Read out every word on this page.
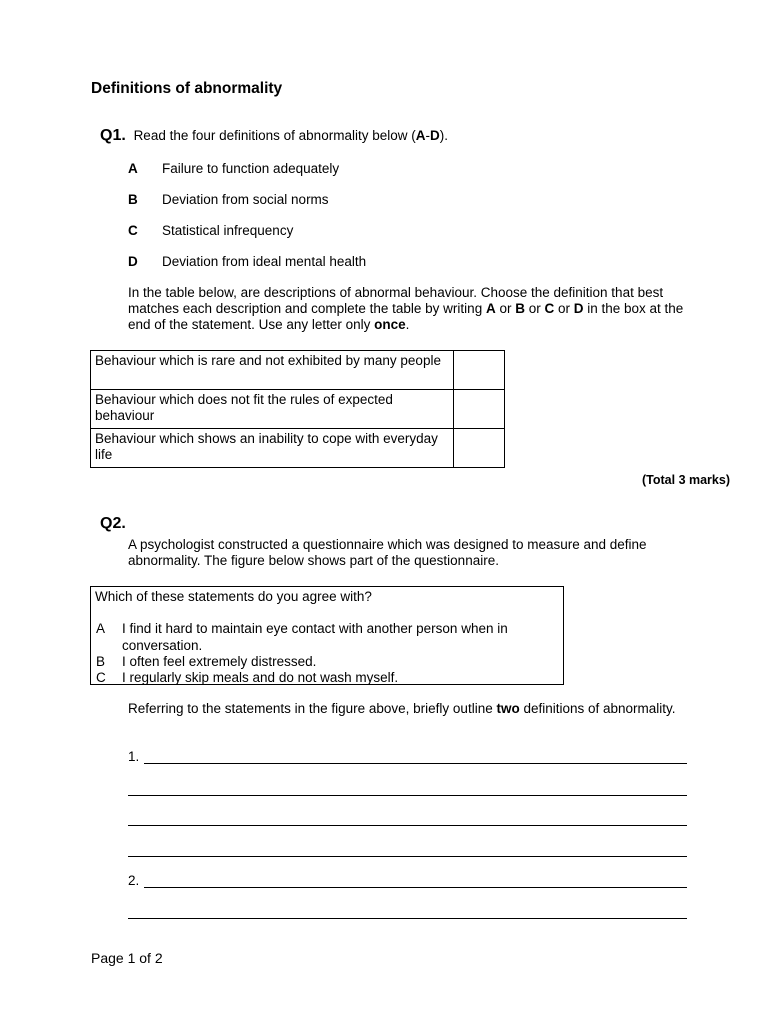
Definitions of abnormality
Q1. Read the four definitions of abnormality below (A-D).
A Failure to function adequately
B Deviation from social norms
C Statistical infrequency
D Deviation from ideal mental health
In the table below, are descriptions of abnormal behaviour. Choose the definition that best matches each description and complete the table by writing A or B or C or D in the box at the end of the statement. Use any letter only once.
Behaviour which is rare and not exhibited by many people	
Behaviour which does not fit the rules of expected behaviour	
Behaviour which shows an inability to cope with everyday life	
(Total 3 marks)
Q2.
A psychologist constructed a questionnaire which was designed to measure and define abnormality. The figure below shows part of the questionnaire.
Which of these statements do you agree with?
A I find it hard to maintain eye contact with another person when in conversation.
B I often feel extremely distressed.
C I regularly skip meals and do not wash myself.
Referring to the statements in the figure above, briefly outline two definitions of abnormality.
1.
2.
Page 1 of 2
